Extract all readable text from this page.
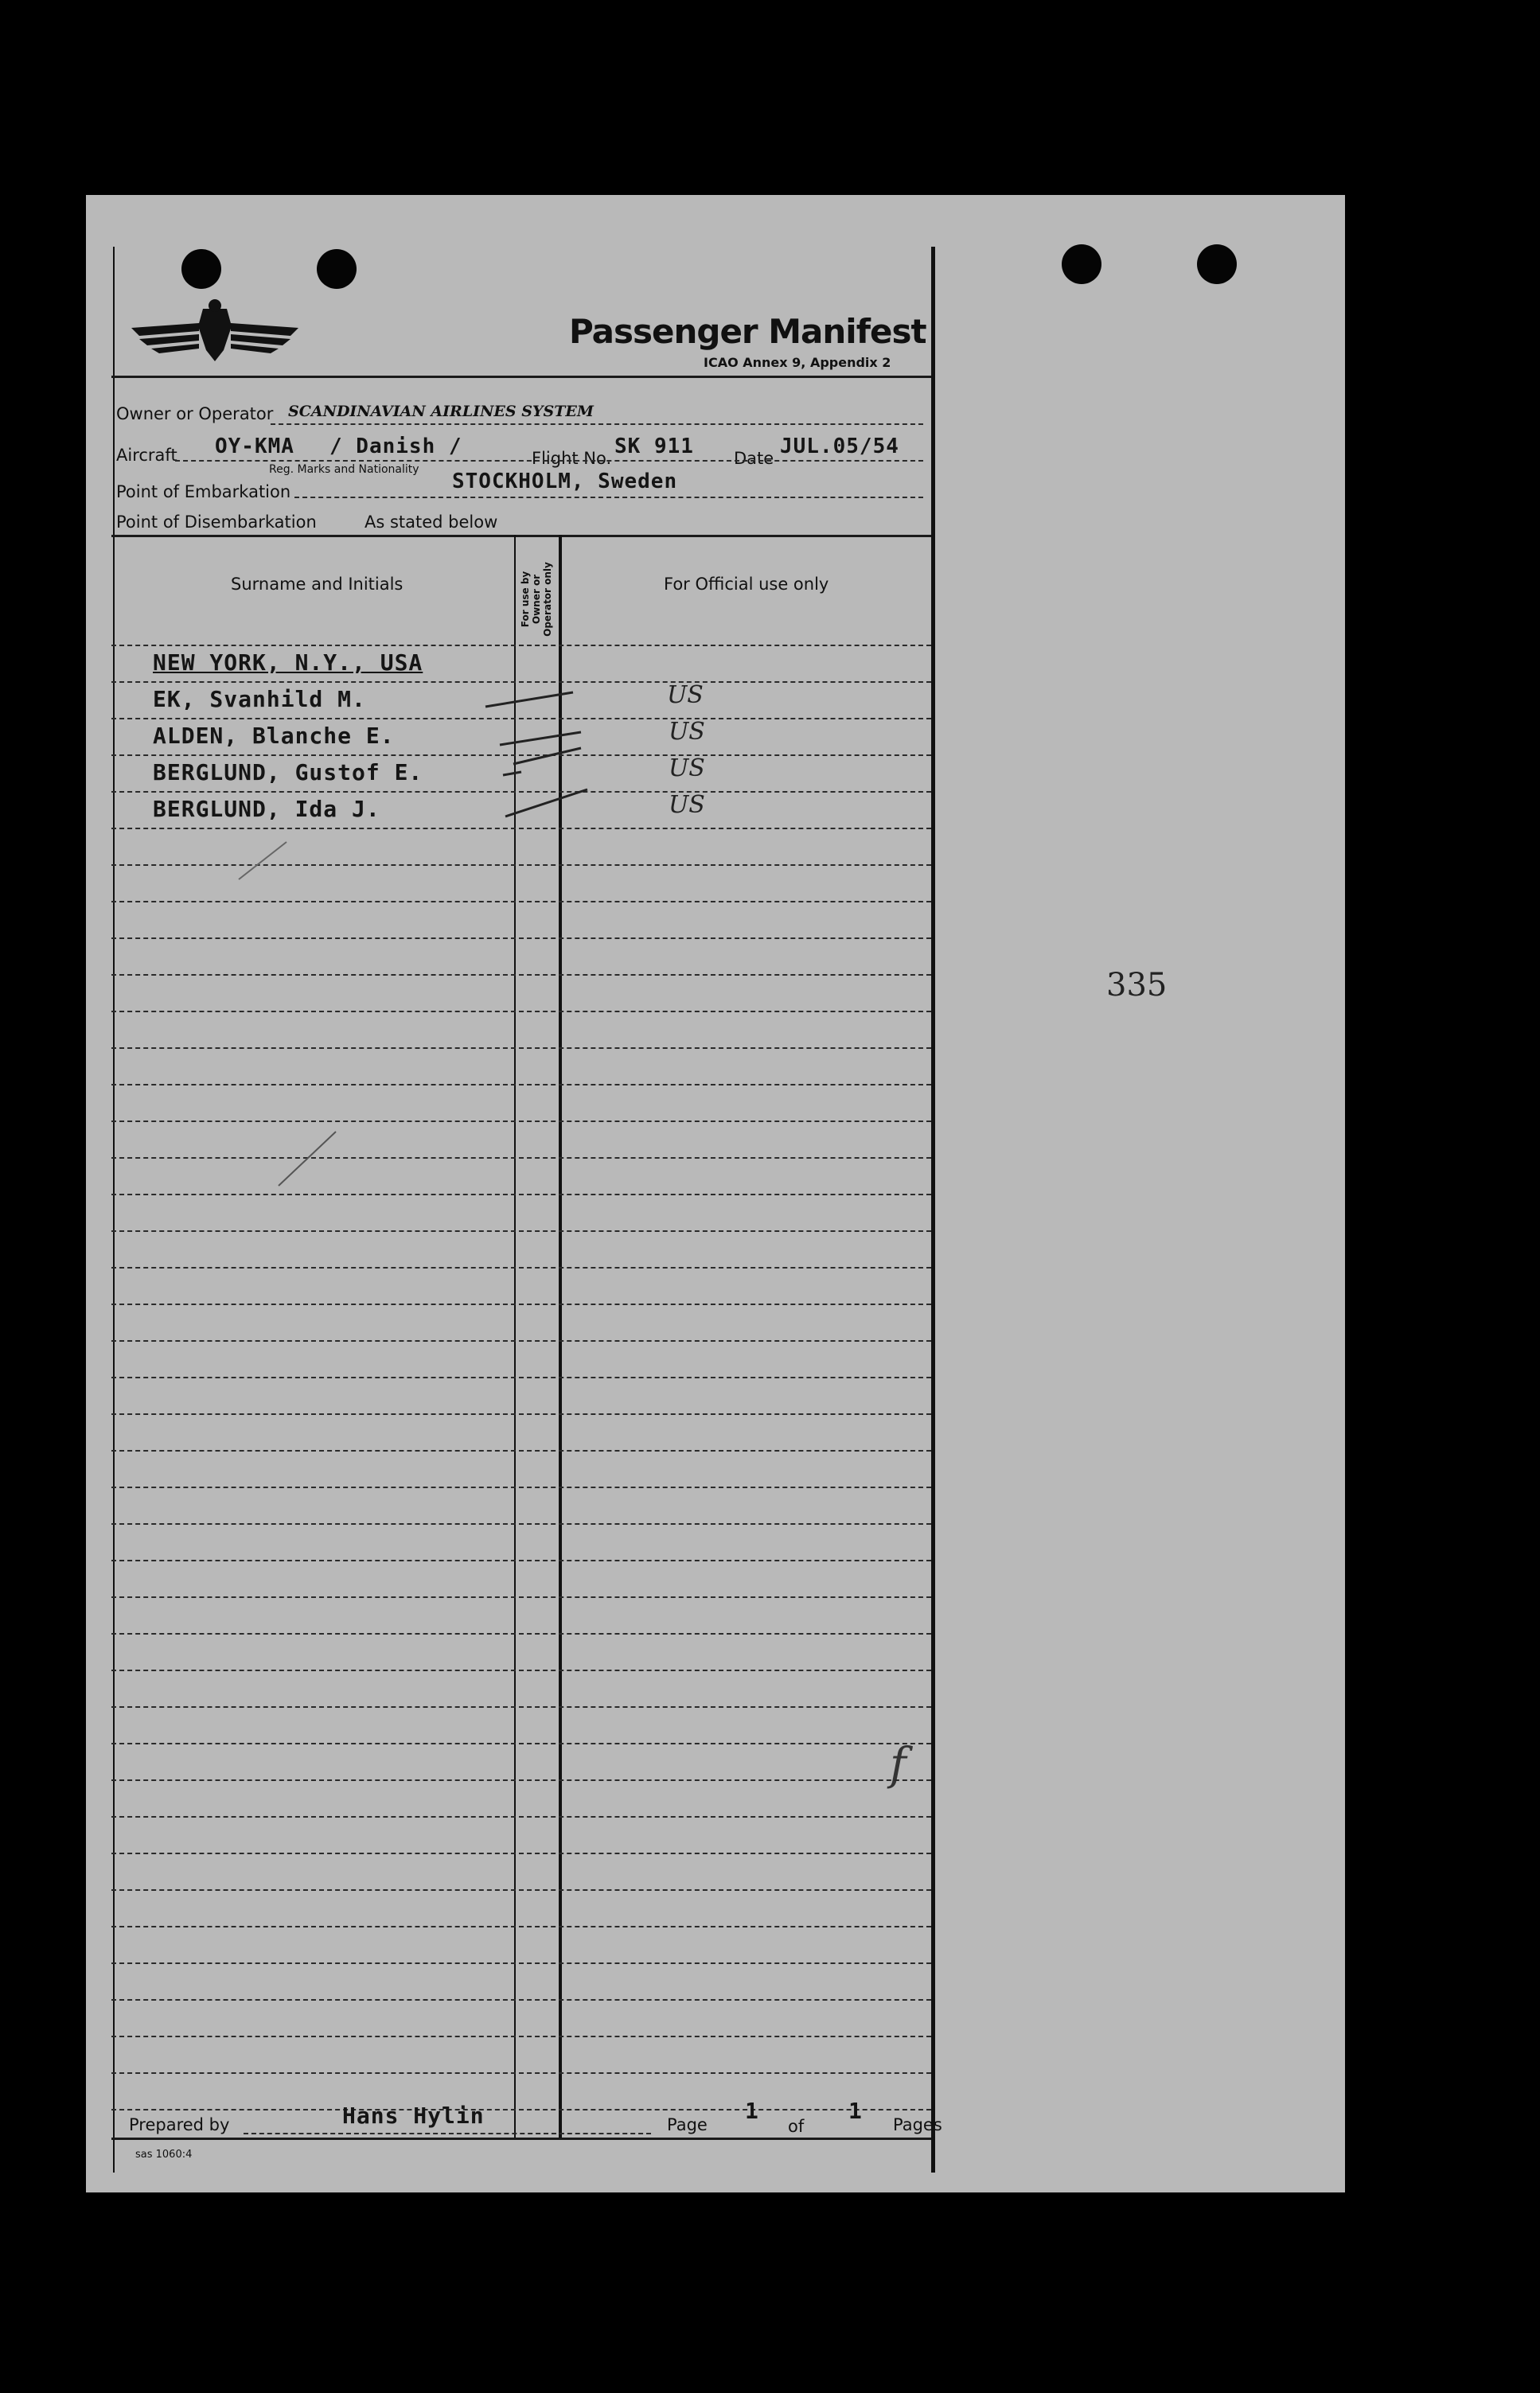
335
f
Passenger Manifest
ICAO Annex 9, Appendix 2
Owner or Operator SCANDINAVIAN AIRLINES SYSTEM
Aircraft OY-KMA / Danish /
Reg. Marks and Nationality
Flight No. SK 911 Date JUL.05/54
Point of Embarkation	STOCKHOLM, Sweden
Point of Disembarkation	As stated below
Surname and Initials	For use by
Owner or
Operator only	For Official use only
NEW YORK, N.Y., USA
EK, Svanhild M.	US
ALDEN, Blanche E.	US
BERGLUND, Gustof E.	US
BERGLUND, Ida J.	US
Prepared by	Hans Hylin	Page
1
of
1
Pages
sas 1060:4
